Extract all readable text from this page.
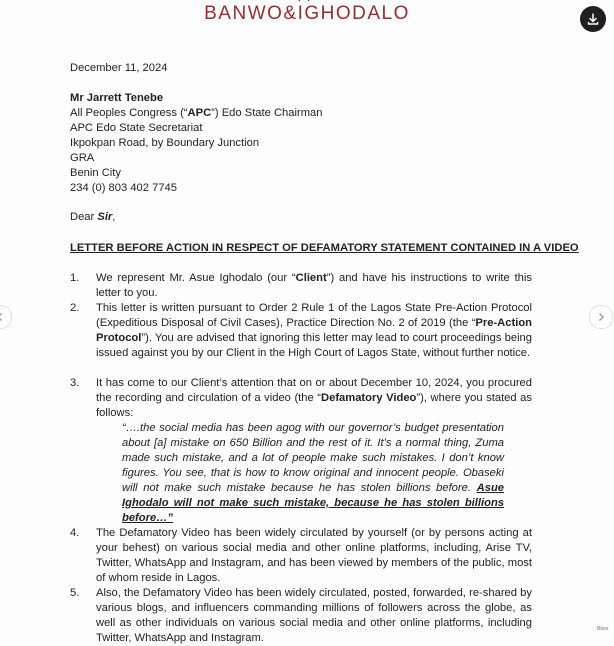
BANWO&IGHODALO
December 11, 2024
Mr Jarrett Tenebe
All Peoples Congress (“APC”) Edo State Chairman
APC Edo State Secretariat
Ikpokpan Road, by Boundary Junction
GRA
Benin City
234 (0) 803 402 7745
Dear Sir,
LETTER BEFORE ACTION IN RESPECT OF DEFAMATORY STATEMENT CONTAINED IN A VIDEO
1. We represent Mr. Asue Ighodalo (our “Client”) and have his instructions to write this letter to you.
2. This letter is written pursuant to Order 2 Rule 1 of the Lagos State Pre-Action Protocol (Expeditious Disposal of Civil Cases), Practice Direction No. 2 of 2019 (the “Pre-Action Protocol”). You are advised that ignoring this letter may lead to court proceedings being issued against you by our Client in the High Court of Lagos State, without further notice.
3. It has come to our Client’s attention that on or about December 10, 2024, you procured the recording and circulation of a video (the “Defamatory Video”), where you stated as follows:
“….the social media has been agog with our governor’s budget presentation about [a] mistake on 650 Billion and the rest of it. It’s a normal thing, Zuma made such mistake, and a lot of people make such mistakes. I don’t know figures. You see, that is how to know original and innocent people. Obaseki will not make such mistake because he has stolen billions before. Asue Ighodalo will not make such mistake, because he has stolen billions before…”
4. The Defamatory Video has been widely circulated by yourself (or by persons acting at your behest) on various social media and other online platforms, including, Arise TV, Twitter, WhatsApp and Instagram, and has been viewed by members of the public, most of whom reside in Lagos.
5. Also, the Defamatory Video has been widely circulated, posted, forwarded, re-shared by various blogs, and influencers commanding millions of followers across the globe, as well as other individuals on various social media and other online platforms, including Twitter, WhatsApp and Instagram.
Bloor
